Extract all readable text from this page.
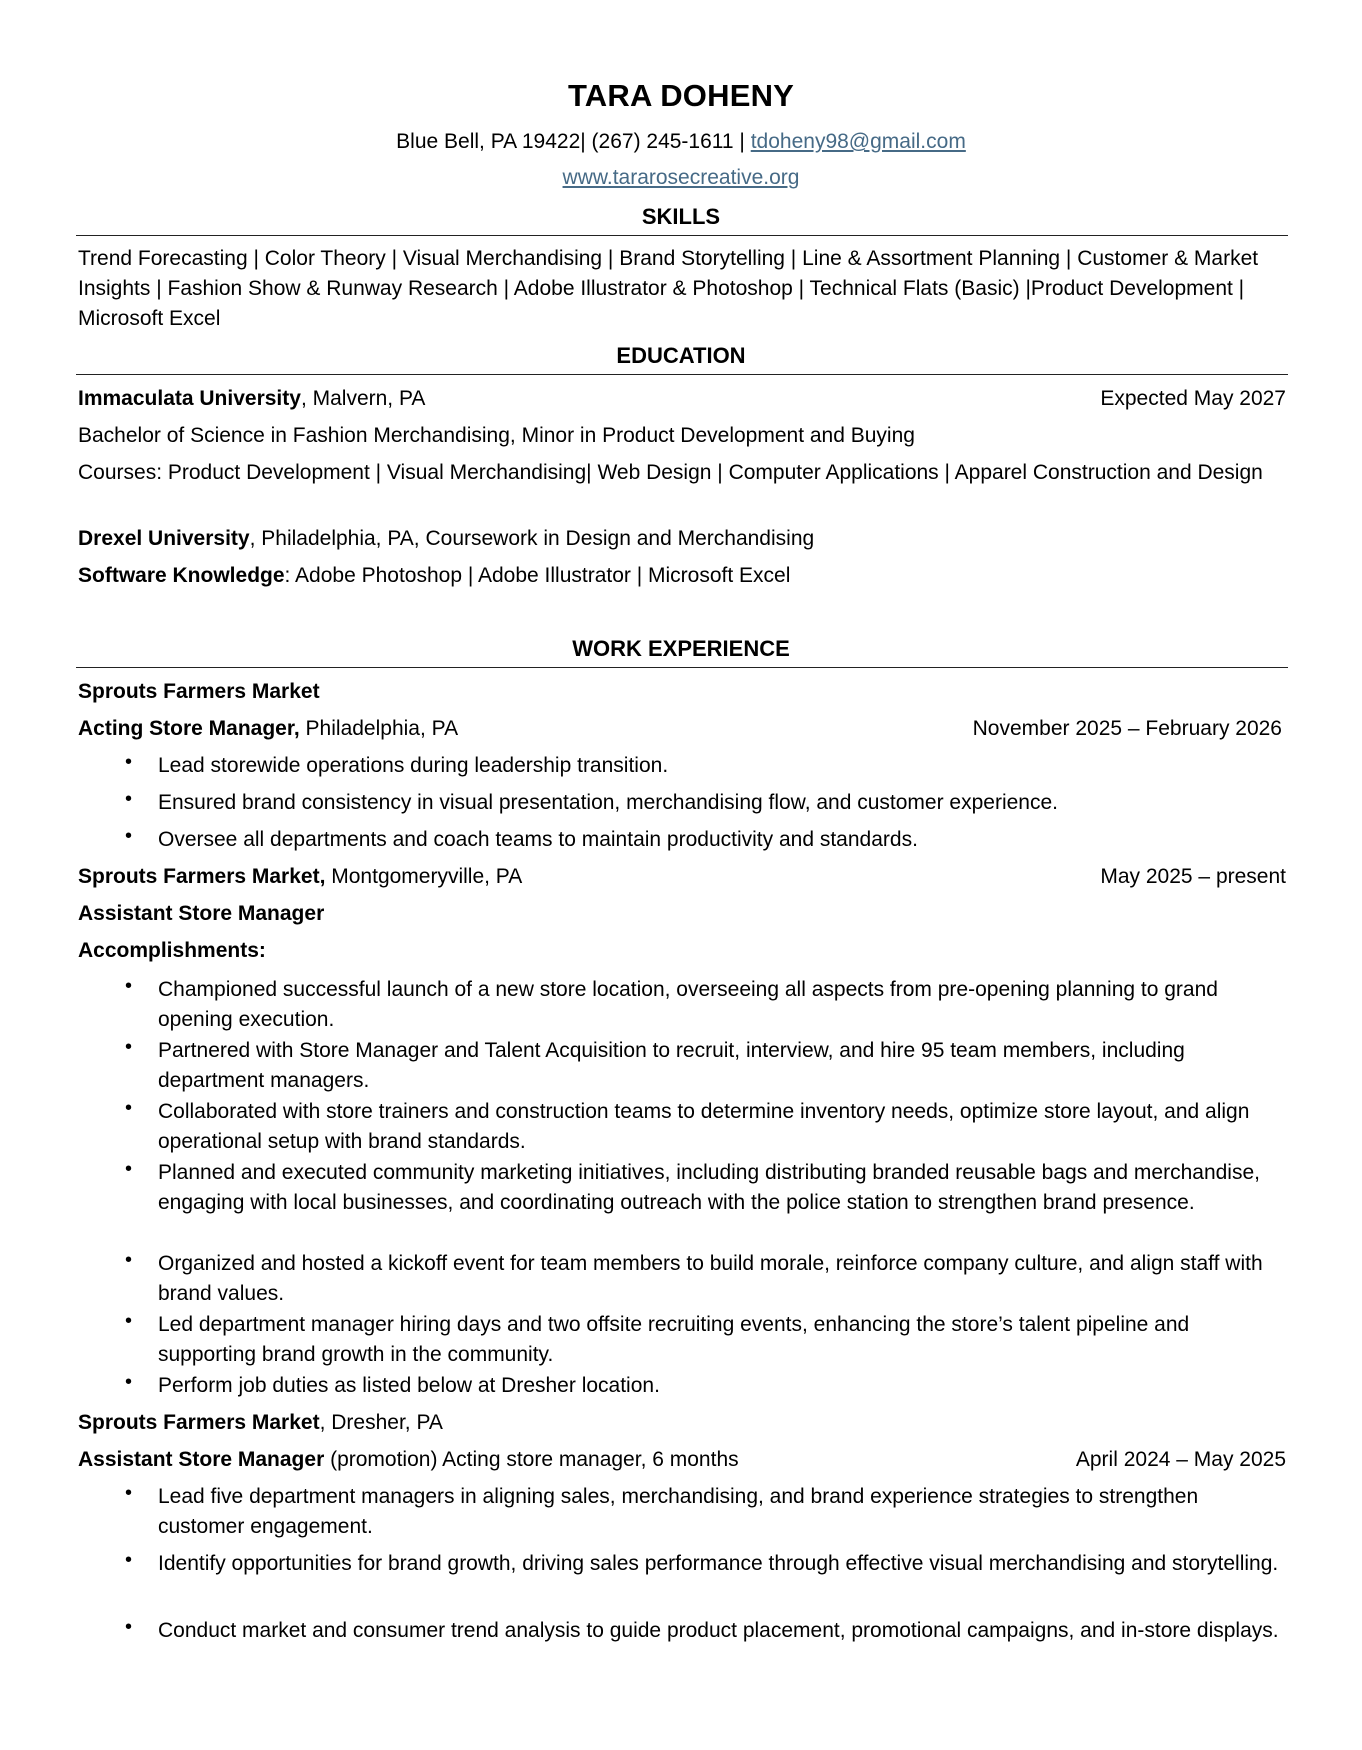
TARA DOHENY
Blue Bell, PA 19422| (267) 245-1611 | tdoheny98@gmail.com
www.tararosecreative.org
SKILLS
Trend Forecasting | Color Theory | Visual Merchandising | Brand Storytelling | Line & Assortment Planning | Customer & Market Insights | Fashion Show & Runway Research | Adobe Illustrator & Photoshop | Technical Flats (Basic) |Product Development | Microsoft Excel
EDUCATION
Immaculata University, Malvern, PA	Expected May 2027
Bachelor of Science in Fashion Merchandising, Minor in Product Development and Buying
Courses: Product Development | Visual Merchandising| Web Design | Computer Applications | Apparel Construction and Design
Drexel University, Philadelphia, PA, Coursework in Design and Merchandising
Software Knowledge: Adobe Photoshop | Adobe Illustrator | Microsoft Excel
WORK EXPERIENCE
Sprouts Farmers Market
Acting Store Manager, Philadelphia, PA	November 2025 – February 2026
• Lead storewide operations during leadership transition.
• Ensured brand consistency in visual presentation, merchandising flow, and customer experience.
• Oversee all departments and coach teams to maintain productivity and standards.
Sprouts Farmers Market, Montgomeryville, PA	May 2025 – present
Assistant Store Manager
Accomplishments:
• Championed successful launch of a new store location, overseeing all aspects from pre-opening planning to grand opening execution.
• Partnered with Store Manager and Talent Acquisition to recruit, interview, and hire 95 team members, including department managers.
• Collaborated with store trainers and construction teams to determine inventory needs, optimize store layout, and align operational setup with brand standards.
• Planned and executed community marketing initiatives, including distributing branded reusable bags and merchandise, engaging with local businesses, and coordinating outreach with the police station to strengthen brand presence.
• Organized and hosted a kickoff event for team members to build morale, reinforce company culture, and align staff with brand values.
• Led department manager hiring days and two offsite recruiting events, enhancing the store’s talent pipeline and supporting brand growth in the community.
• Perform job duties as listed below at Dresher location.
Sprouts Farmers Market, Dresher, PA
Assistant Store Manager (promotion) Acting store manager, 6 months	April 2024 – May 2025
• Lead five department managers in aligning sales, merchandising, and brand experience strategies to strengthen customer engagement.
• Identify opportunities for brand growth, driving sales performance through effective visual merchandising and storytelling.
• Conduct market and consumer trend analysis to guide product placement, promotional campaigns, and in-store displays.
